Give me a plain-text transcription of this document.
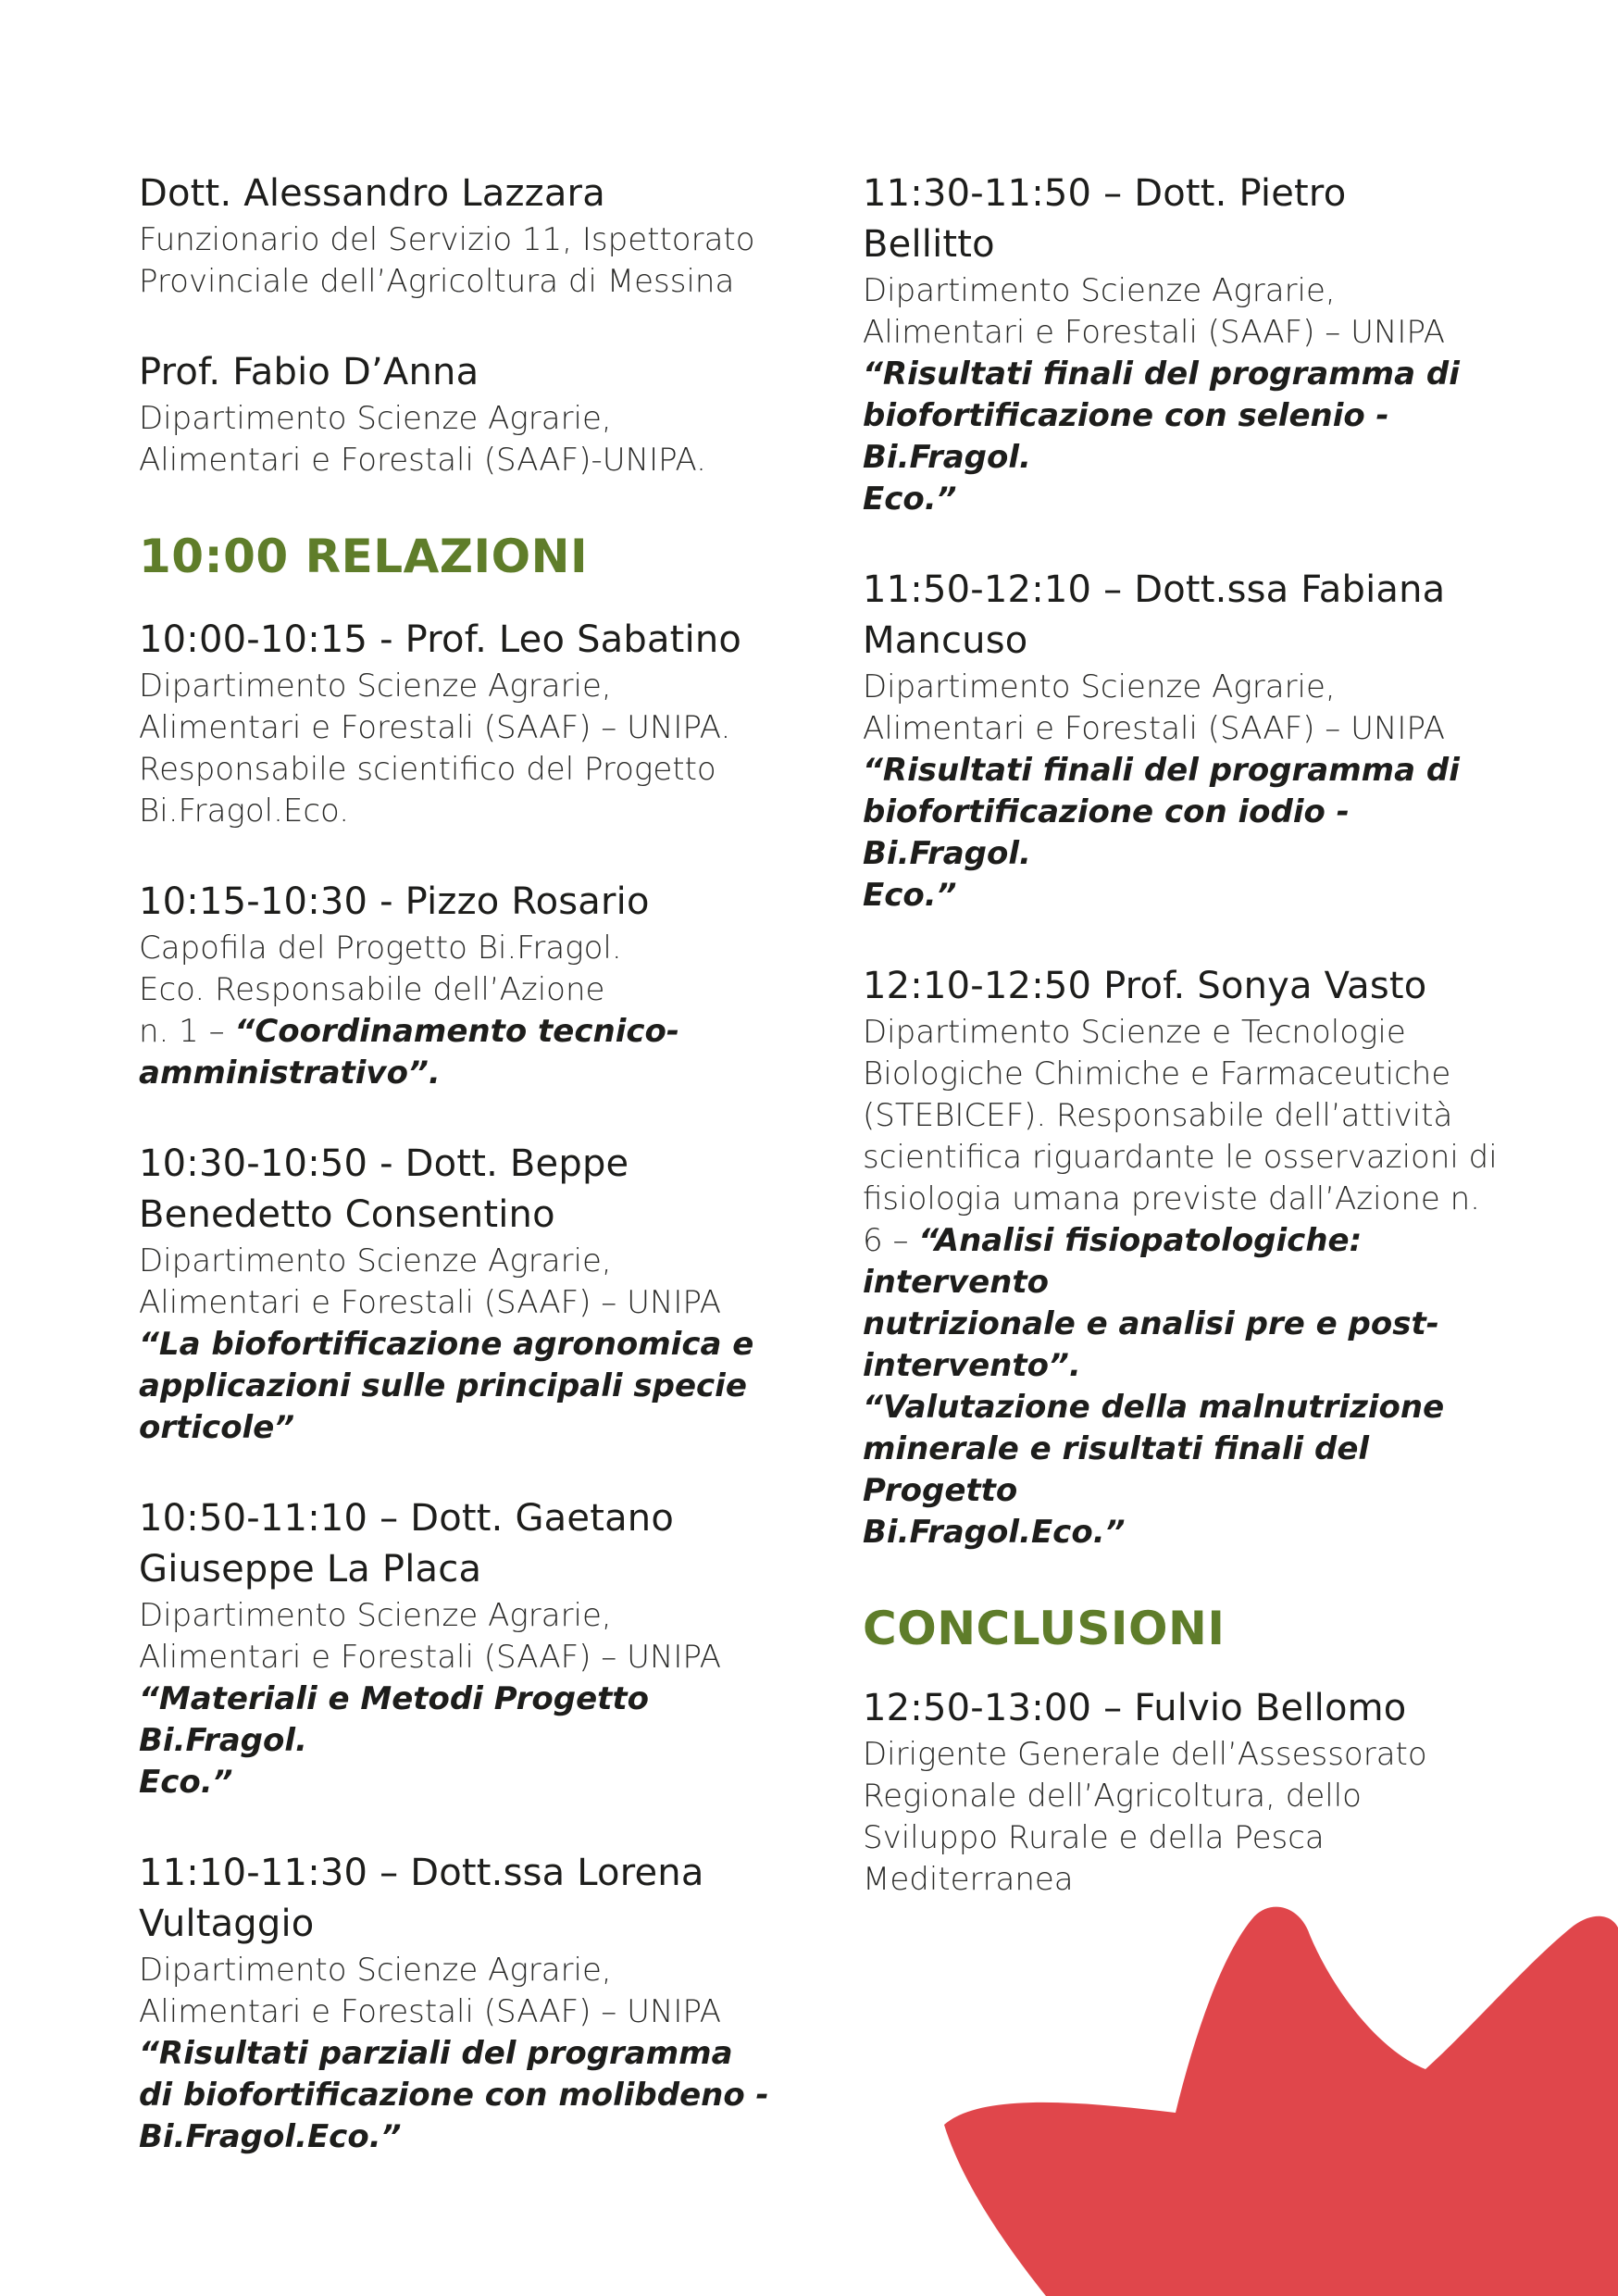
Dott. Alessandro Lazzara

Funzionario del Servizio 11, Ispettorato

Provinciale dell’Agricoltura di Messina

Prof. Fabio D’Anna

Dipartimento Scienze Agrarie,

Alimentari e Forestali (SAAF)-UNIPA.

10:00 RELAZIONI

10:00-10:15 - Prof. Leo Sabatino

Dipartimento Scienze Agrarie,

Alimentari e Forestali (SAAF) – UNIPA.

Responsabile scientifico del Progetto

Bi.Fragol.Eco.

10:15-10:30 - Pizzo Rosario

Capofila del Progetto Bi.Fragol.

Eco. Responsabile dell’Azione

n. 1 – “Coordinamento tecnico-

amministrativo”.

10:30-10:50 - Dott. Beppe

Benedetto Consentino

Dipartimento Scienze Agrarie,

Alimentari e Forestali (SAAF) – UNIPA

“La biofortificazione agronomica e

applicazioni sulle principali specie

orticole”

10:50-11:10 – Dott. Gaetano

Giuseppe La Placa

Dipartimento Scienze Agrarie,

Alimentari e Forestali (SAAF) – UNIPA

“Materiali e Metodi Progetto Bi.Fragol.

Eco.”

11:10-11:30 – Dott.ssa Lorena

Vultaggio

Dipartimento Scienze Agrarie,

Alimentari e Forestali (SAAF) – UNIPA

“Risultati parziali del programma

di biofortificazione con molibdeno -

Bi.Fragol.Eco.”

11:30-11:50 – Dott. Pietro

Bellitto

Dipartimento Scienze Agrarie,

Alimentari e Forestali (SAAF) – UNIPA

“Risultati finali del programma di

biofortificazione con selenio - Bi.Fragol.

Eco.”

11:50-12:10 – Dott.ssa Fabiana

Mancuso

Dipartimento Scienze Agrarie,

Alimentari e Forestali (SAAF) – UNIPA

“Risultati finali del programma di

biofortificazione con iodio - Bi.Fragol.

Eco.”

12:10-12:50 Prof. Sonya Vasto

Dipartimento Scienze e Tecnologie

Biologiche Chimiche e Farmaceutiche

(STEBICEF). Responsabile dell’attività

scientifica riguardante le osservazioni di

fisiologia umana previste dall’Azione n.

6 – “Analisi fisiopatologiche: intervento

nutrizionale e analisi pre e post-

intervento”.

“Valutazione della malnutrizione

minerale e risultati finali del Progetto

Bi.Fragol.Eco.”

CONCLUSIONI

12:50-13:00 – Fulvio Bellomo

Dirigente Generale dell’Assessorato

Regionale dell’Agricoltura, dello

Sviluppo Rurale e della Pesca

Mediterranea
